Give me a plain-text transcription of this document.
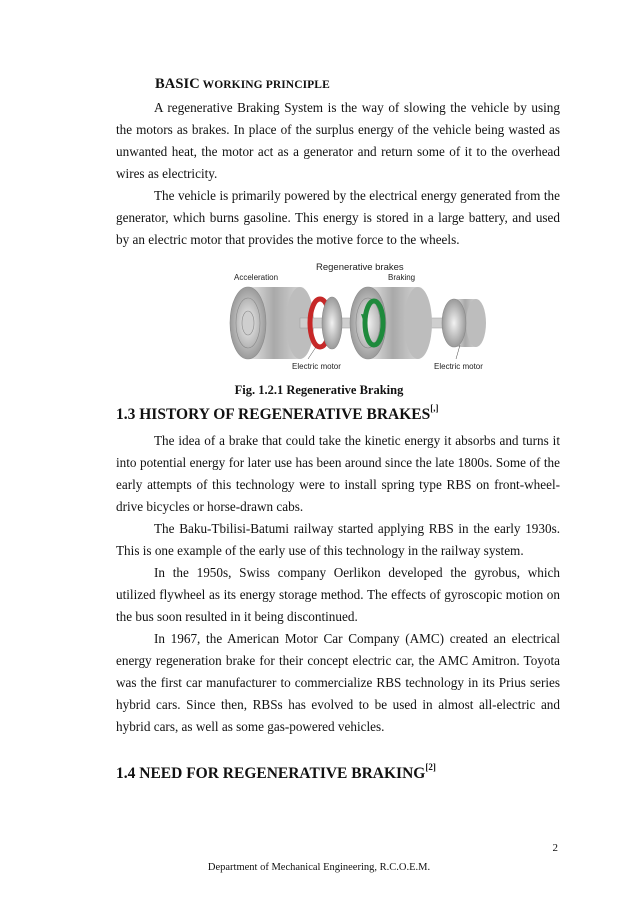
BASIC WORKING PRINCIPLE

A regenerative Braking System is the way of slowing the vehicle by using the motors as brakes. In place of the surplus energy of the vehicle being wasted as unwanted heat, the motor act as a generator and return some of it to the overhead wires as electricity.

The vehicle is primarily powered by the electrical energy generated from the generator, which burns gasoline. This energy is stored in a large battery, and used by an electric motor that provides the motive force to the wheels.

Regenerative brakes
Acceleration	Braking
Electric motor	Electric motor
Fig. 1.2.1 Regenerative Braking
1.3 HISTORY OF REGENERATIVE BRAKES[,]

The idea of a brake that could take the kinetic energy it absorbs and turns it into potential energy for later use has been around since the late 1800s. Some of the early attempts of this technology were to install spring type RBS on front-wheel-drive bicycles or horse-drawn cabs.

The Baku-Tbilisi-Batumi railway started applying RBS in the early 1930s. This is one example of the early use of this technology in the railway system.

In the 1950s, Swiss company Oerlikon developed the gyrobus, which utilized flywheel as its energy storage method. The effects of gyroscopic motion on the bus soon resulted in it being discontinued.

In 1967, the American Motor Car Company (AMC) created an electrical energy regeneration brake for their concept electric car, the AMC Amitron. Toyota was the first car manufacturer to commercialize RBS technology in its Prius series hybrid cars. Since then, RBSs has evolved to be used in almost all-electric and hybrid cars, as well as some gas-powered vehicles.

1.4 NEED FOR REGENERATIVE BRAKING[2]
2
Department of Mechanical Engineering, R.C.O.E.M.
